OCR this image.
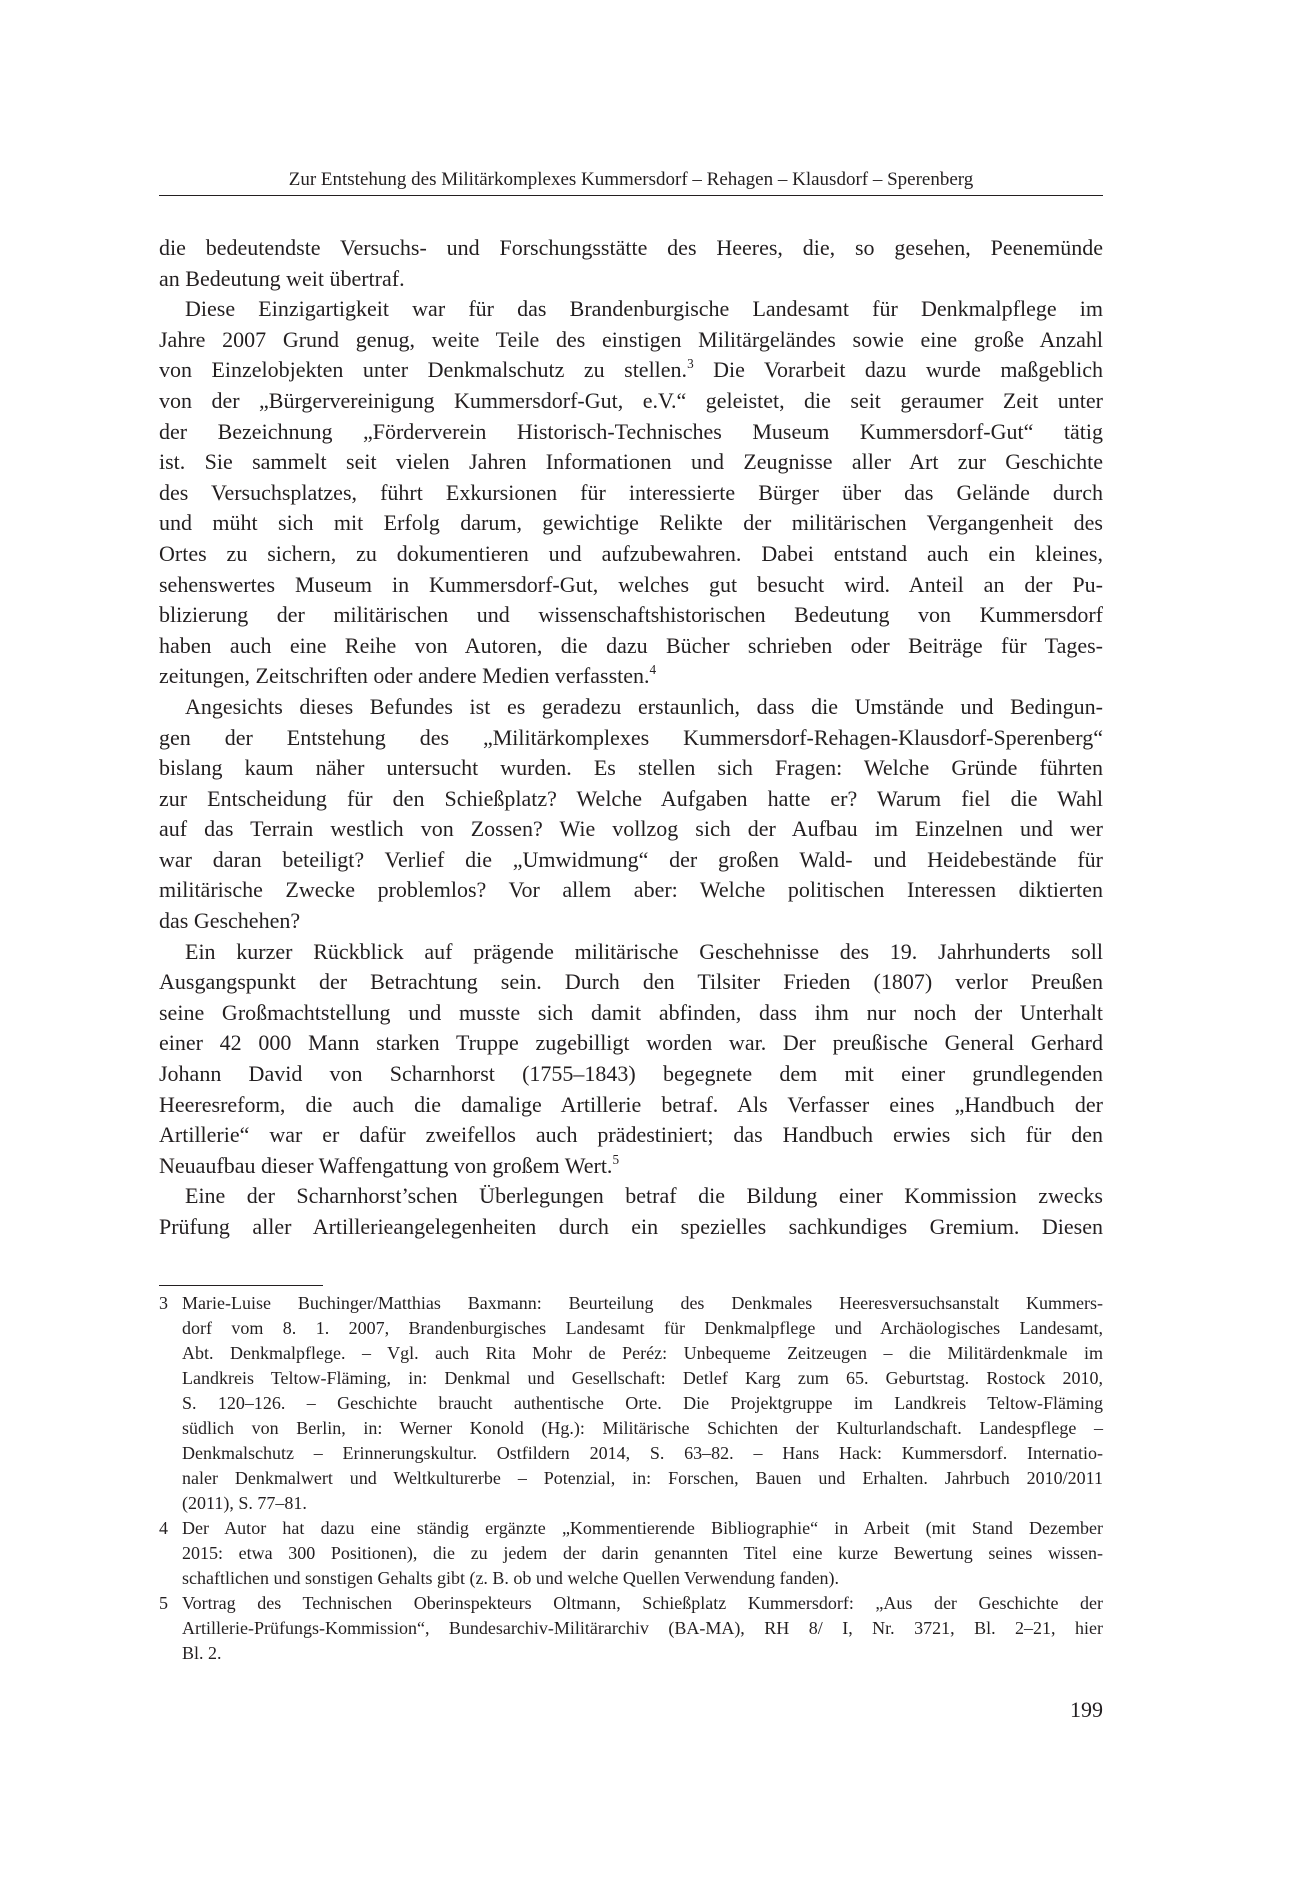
Zur Entstehung des Militärkomplexes Kummersdorf – Rehagen – Klausdorf – Sperenberg
die bedeutendste Versuchs- und Forschungsstätte des Heeres, die, so gesehen, Peenemünde
an Bedeutung weit übertraf.
Diese Einzigartigkeit war für das Brandenburgische Landesamt für Denkmalpflege im
Jahre 2007 Grund genug, weite Teile des einstigen Militärgeländes sowie eine große Anzahl
von Einzelobjekten unter Denkmalschutz zu stellen.$^3$ Die Vorarbeit dazu wurde maßgeblich
von der „Bürgervereinigung Kummersdorf-Gut, e.V.“ geleistet, die seit geraumer Zeit unter
der Bezeichnung „Förderverein Historisch-Technisches Museum Kummersdorf-Gut“ tätig
ist. Sie sammelt seit vielen Jahren Informationen und Zeugnisse aller Art zur Geschichte
des Versuchsplatzes, führt Exkursionen für interessierte Bürger über das Gelände durch
und müht sich mit Erfolg darum, gewichtige Relikte der militärischen Vergangenheit des
Ortes zu sichern, zu dokumentieren und aufzubewahren. Dabei entstand auch ein kleines,
sehenswertes Museum in Kummersdorf-Gut, welches gut besucht wird. Anteil an der Pu-
blizierung der militärischen und wissenschaftshistorischen Bedeutung von Kummersdorf
haben auch eine Reihe von Autoren, die dazu Bücher schrieben oder Beiträge für Tages-
zeitungen, Zeitschriften oder andere Medien verfassten.$^4$
Angesichts dieses Befundes ist es geradezu erstaunlich, dass die Umstände und Bedingun-
gen der Entstehung des „Militärkomplexes Kummersdorf-Rehagen-Klausdorf-Sperenberg“
bislang kaum näher untersucht wurden. Es stellen sich Fragen: Welche Gründe führten
zur Entscheidung für den Schießplatz? Welche Aufgaben hatte er? Warum fiel die Wahl
auf das Terrain westlich von Zossen? Wie vollzog sich der Aufbau im Einzelnen und wer
war daran beteiligt? Verlief die „Umwidmung“ der großen Wald- und Heidebestände für
militärische Zwecke problemlos? Vor allem aber: Welche politischen Interessen diktierten
das Geschehen?
Ein kurzer Rückblick auf prägende militärische Geschehnisse des 19. Jahrhunderts soll
Ausgangspunkt der Betrachtung sein. Durch den Tilsiter Frieden (1807) verlor Preußen
seine Großmachtstellung und musste sich damit abfinden, dass ihm nur noch der Unterhalt
einer 42 000 Mann starken Truppe zugebilligt worden war. Der preußische General Gerhard
Johann David von Scharnhorst (1755–1843) begegnete dem mit einer grundlegenden
Heeresreform, die auch die damalige Artillerie betraf. Als Verfasser eines „Handbuch der
Artillerie“ war er dafür zweifellos auch prädestiniert; das Handbuch erwies sich für den
Neuaufbau dieser Waffengattung von großem Wert.$^5$
Eine der Scharnhorst’schen Überlegungen betraf die Bildung einer Kommission zwecks
Prüfung aller Artillerieangelegenheiten durch ein spezielles sachkundiges Gremium. Diesen
3 Marie-Luise Buchinger/Matthias Baxmann: Beurteilung des Denkmales Heeresversuchsanstalt Kummers-
dorf vom 8. 1. 2007, Brandenburgisches Landesamt für Denkmalpflege und Archäologisches Landesamt,
Abt. Denkmalpflege. – Vgl. auch Rita Mohr de Peréz: Unbequeme Zeitzeugen – die Militärdenkmale im
Landkreis Teltow-Fläming, in: Denkmal und Gesellschaft: Detlef Karg zum 65. Geburtstag. Rostock 2010,
S. 120–126. – Geschichte braucht authentische Orte. Die Projektgruppe im Landkreis Teltow-Fläming
südlich von Berlin, in: Werner Konold (Hg.): Militärische Schichten der Kulturlandschaft. Landespflege –
Denkmalschutz – Erinnerungskultur. Ostfildern 2014, S. 63–82. – Hans Hack: Kummersdorf. Internatio-
naler Denkmalwert und Weltkulturerbe – Potenzial, in: Forschen, Bauen und Erhalten. Jahrbuch 2010/2011
(2011), S. 77–81.
4 Der Autor hat dazu eine ständig ergänzte „Kommentierende Bibliographie“ in Arbeit (mit Stand Dezember
2015: etwa 300 Positionen), die zu jedem der darin genannten Titel eine kurze Bewertung seines wissen-
schaftlichen und sonstigen Gehalts gibt (z. B. ob und welche Quellen Verwendung fanden).
5 Vortrag des Technischen Oberinspekteurs Oltmann, Schießplatz Kummersdorf: „Aus der Geschichte der
Artillerie-Prüfungs-Kommission“, Bundesarchiv-Militärarchiv (BA-MA), RH 8/ I, Nr. 3721, Bl. 2–21, hier
Bl. 2.
199
